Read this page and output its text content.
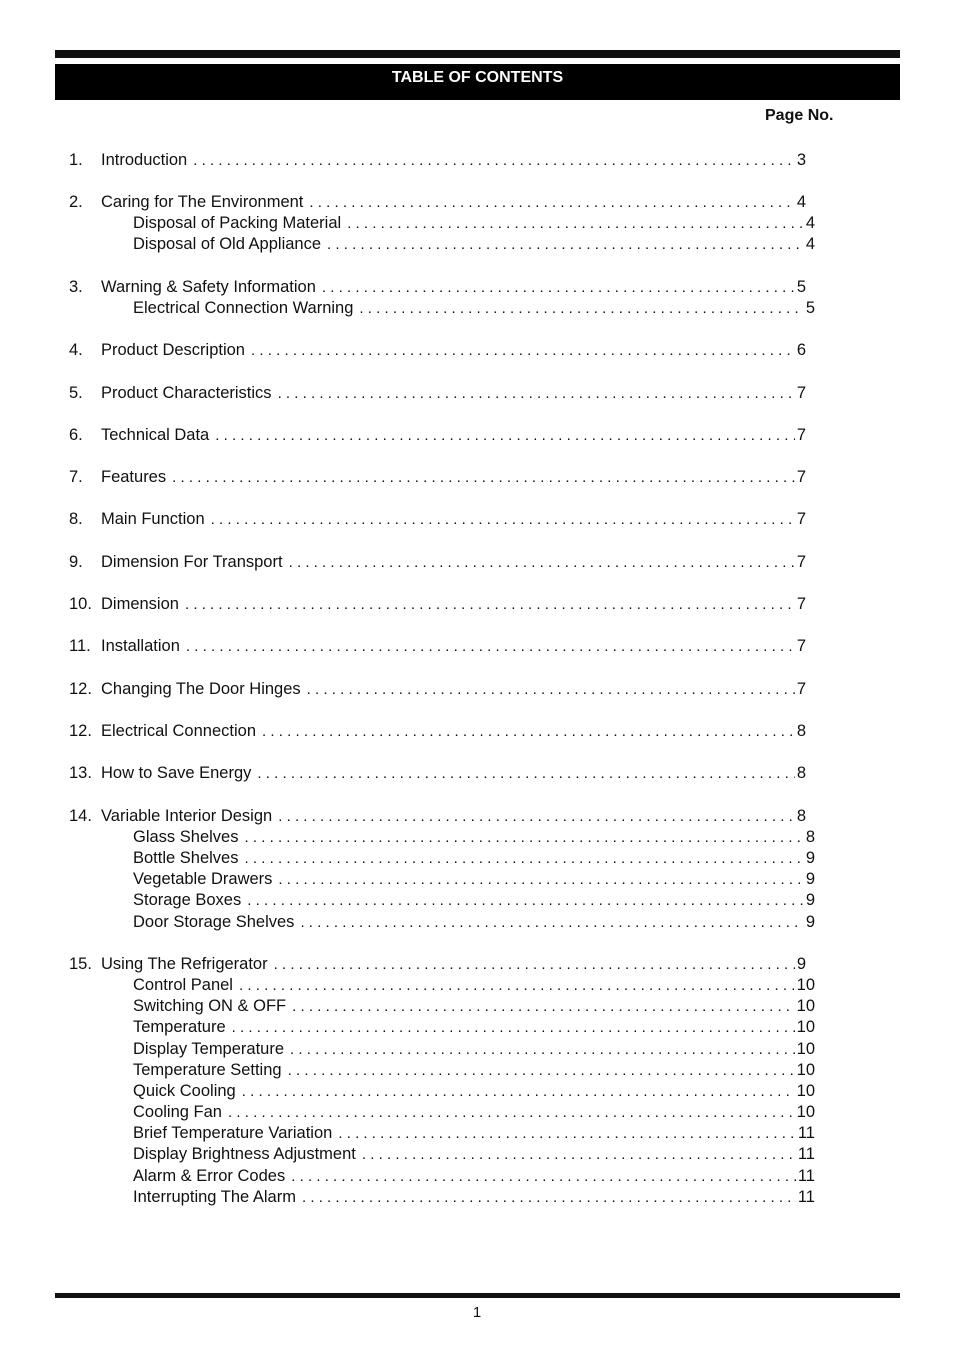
TABLE OF CONTENTS
Page No.
1.	Introduction .....	3
2.	Caring for The Environment .....	4
Disposal of Packing Material .....	4
Disposal of Old Appliance .....	4
3.	Warning & Safety Information .....	5
Electrical Connection Warning .....	5
4.	Product Description .....	6
5.	Product Characteristics .....	7
6.	Technical Data .....	7
7.	Features .....	7
8.	Main Function .....	7
9.	Dimension For Transport .....	7
10. Dimension .....	7
11. Installation .....	7
12. Changing The Door Hinges .....	7
12. Electrical Connection .....	8
13. How to Save Energy .....	8
14. Variable Interior Design .....	8
Glass Shelves .....	8
Bottle Shelves .....	9
Vegetable Drawers .....	9
Storage Boxes .....	9
Door Storage Shelves .....	9
15. Using The Refrigerator .....	9
Control Panel .....	10
Switching ON & OFF .....	10
Temperature .....	10
Display Temperature .....	10
Temperature Setting .....	10
Quick Cooling .....	10
Cooling Fan .....	10
Brief Temperature Variation .....	11
Display Brightness Adjustment .....	11
Alarm & Error Codes .....	11
Interrupting The Alarm .....	11
1
